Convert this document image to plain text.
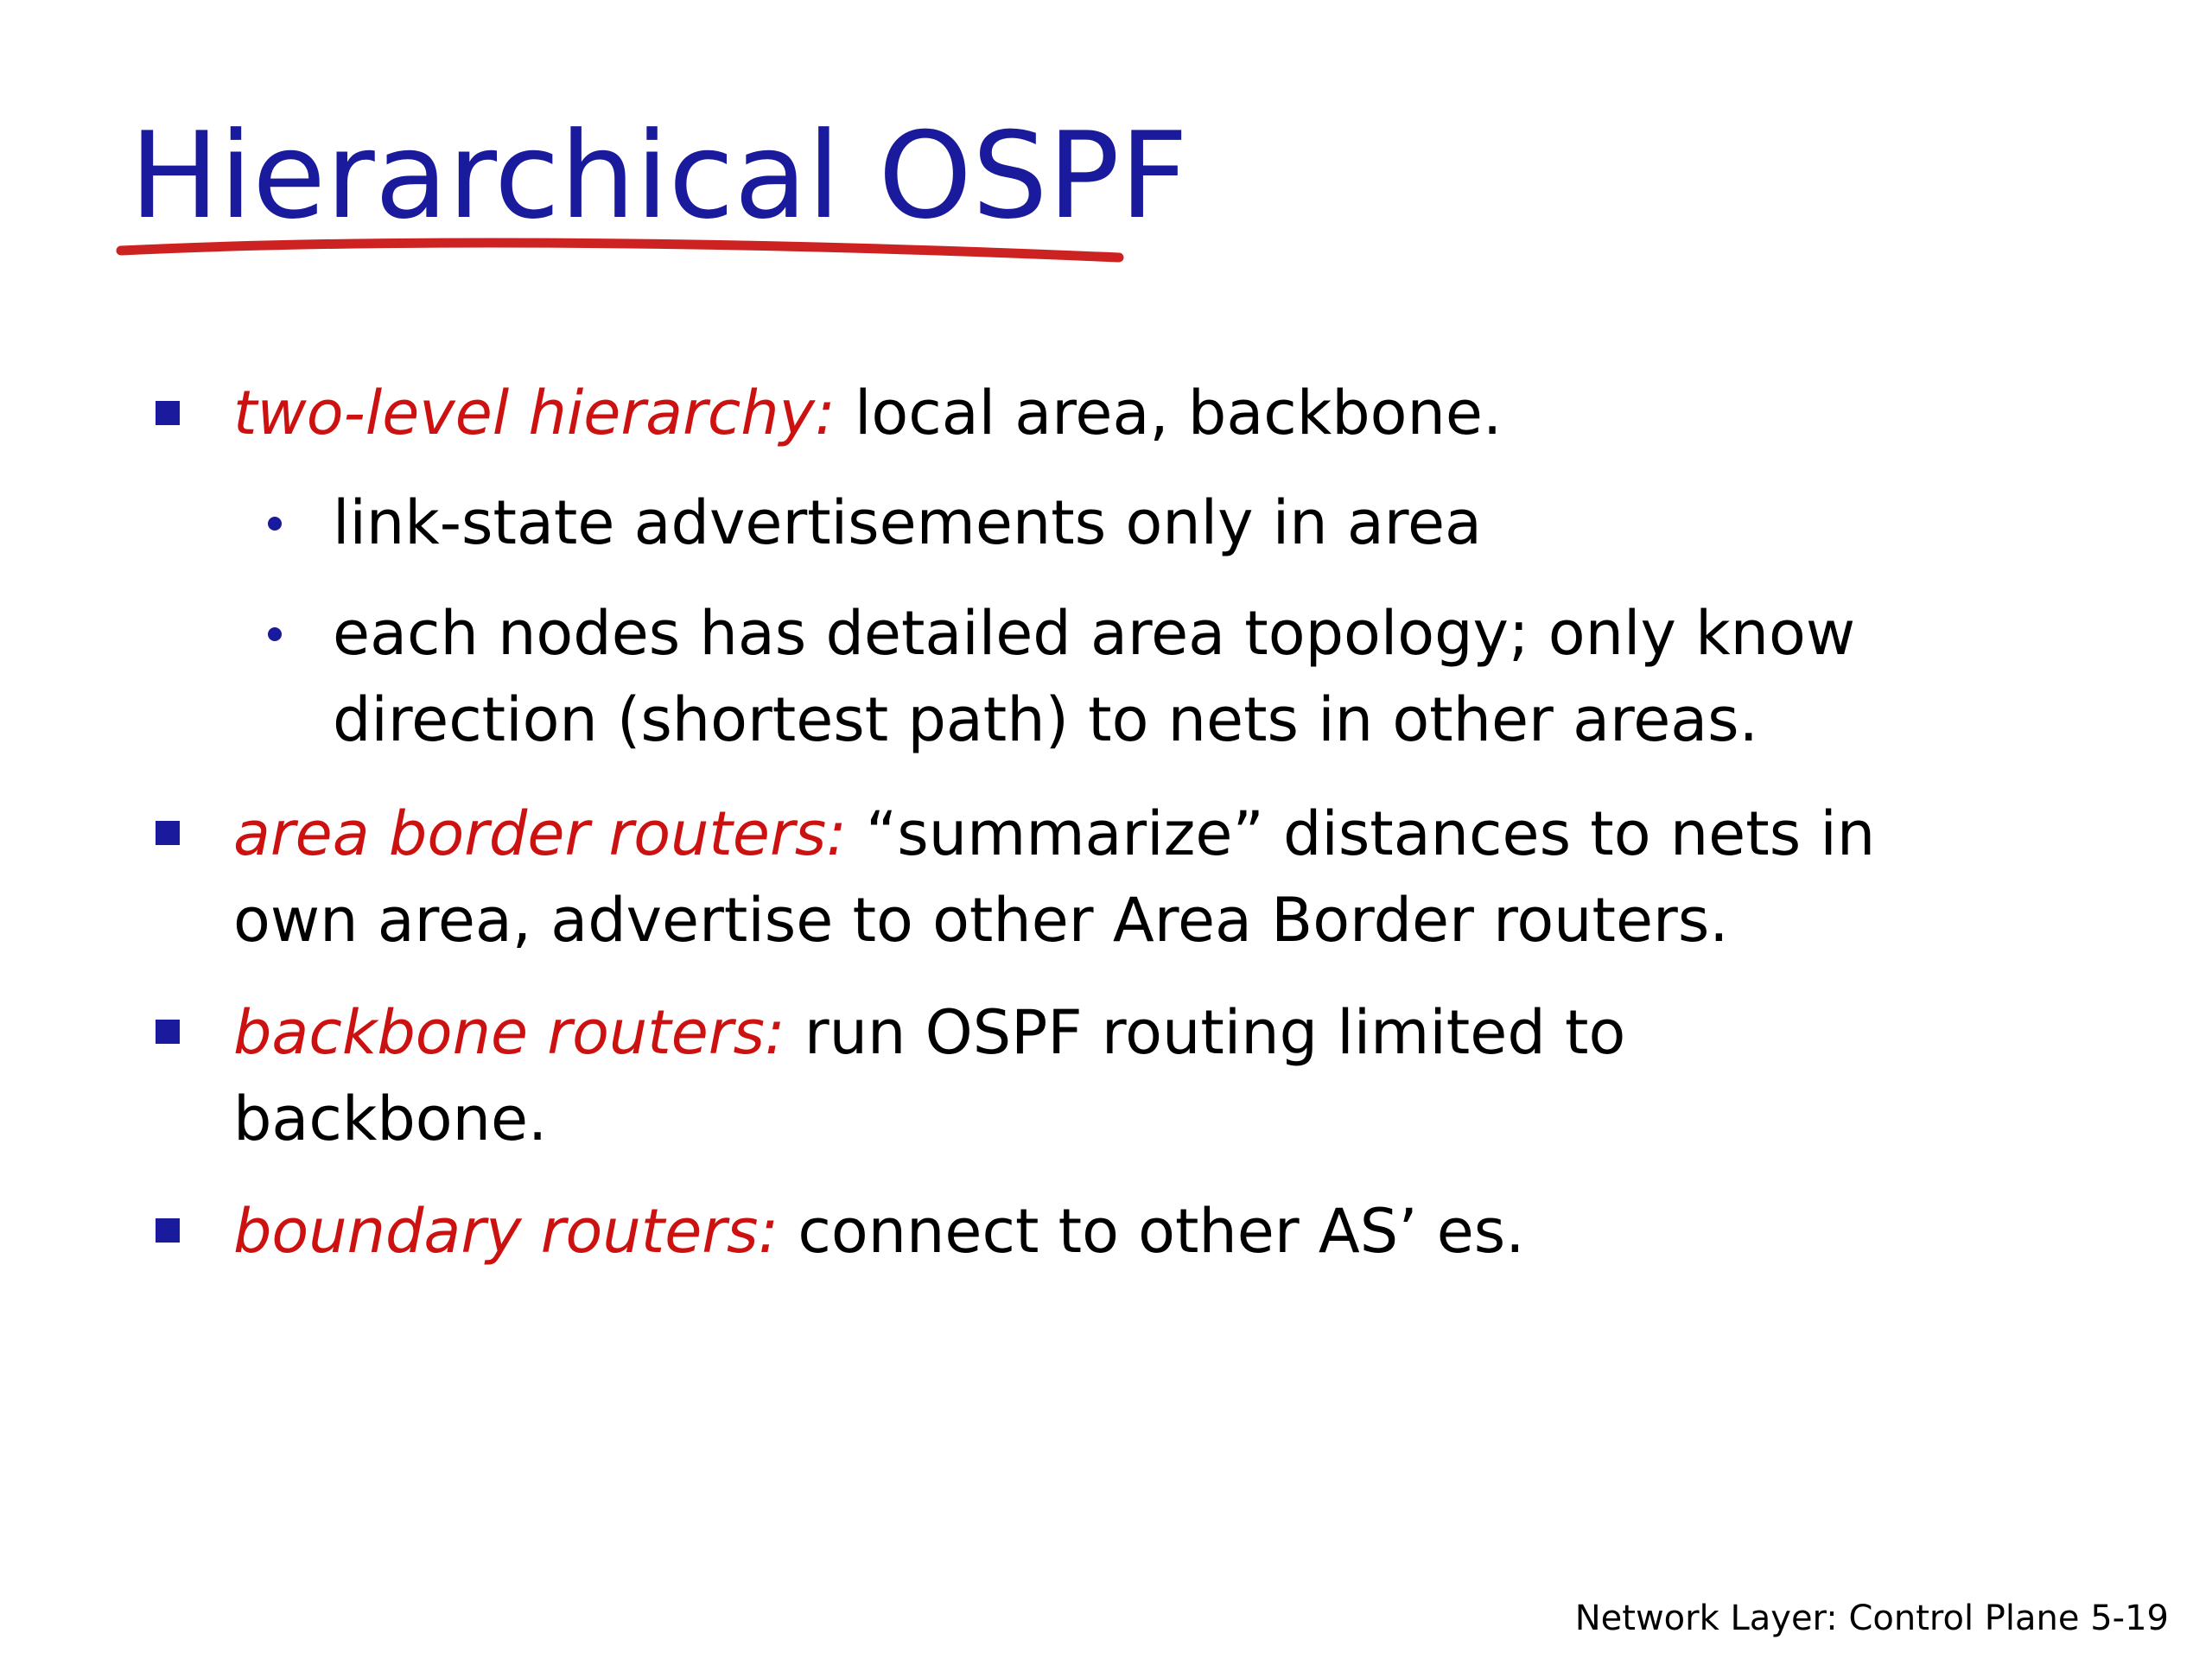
Hierarchical OSPF
two-level hierarchy: local area, backbone.
link-state advertisements only in area
each nodes has detailed area topology; only know
direction (shortest path) to nets in other areas.
area border routers: “summarize” distances to nets in
own area, advertise to other Area Border routers.
backbone routers: run OSPF routing limited to
backbone.
boundary routers: connect to other AS’ es.
Network Layer: Control Plane 5-19
